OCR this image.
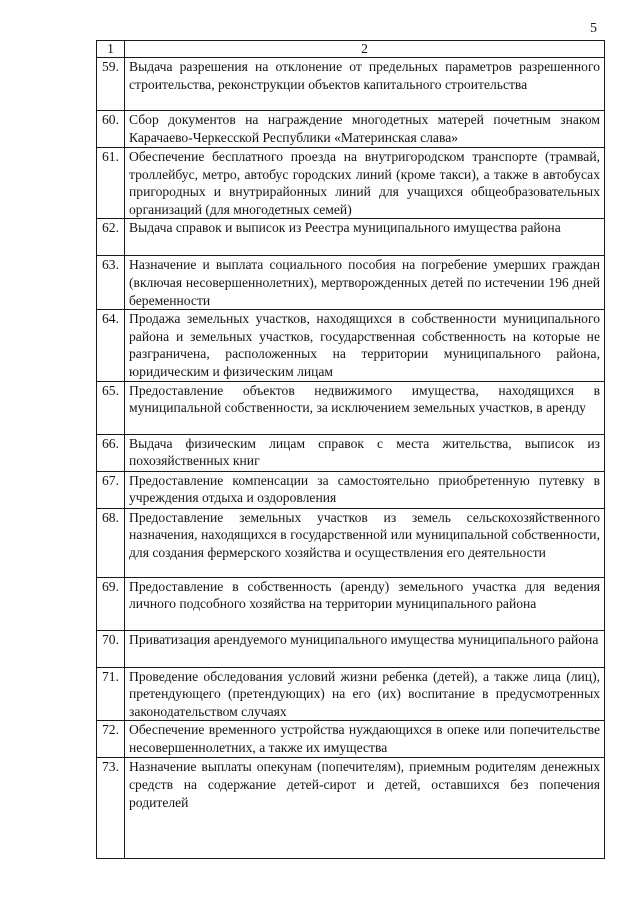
5
1	2
59.	Выдача разрешения на отклонение от предельных параметров разрешенного строительства, реконструкции объектов капитального строительства
60.	Сбор документов на награждение многодетных матерей почетным знаком Карачаево-Черкесской Республики «Материнская слава»
61.	Обеспечение бесплатного проезда на внутригородском транспорте (трамвай, троллейбус, метро, автобус городских линий (кроме такси), а также в автобусах пригородных и внутрирайонных линий для учащихся общеобразовательных организаций (для многодетных семей)
62.	Выдача справок и выписок из Реестра муниципального имущества района
63.	Назначение и выплата социального пособия на погребение умерших граждан (включая несовершеннолетних), мертворожденных детей по истечении 196 дней беременности
64.	Продажа земельных участков, находящихся в собственности муниципального района и земельных участков, государственная собственность на которые не разграничена, расположенных на территории муниципального района, юридическим и физическим лицам
65.	Предоставление объектов недвижимого имущества, находящихся в муниципальной собственности, за исключением земельных участков, в аренду
66.	Выдача физическим лицам справок с места жительства, выписок из похозяйственных книг
67.	Предоставление компенсации за самостоятельно приобретенную путевку в учреждения отдыха и оздоровления
68.	Предоставление земельных участков из земель сельскохозяйственного назначения, находящихся в государственной или муниципальной собственности, для создания фермерского хозяйства и осуществления его деятельности
69.	Предоставление в собственность (аренду) земельного участка для ведения личного подсобного хозяйства на территории муниципального района
70.	Приватизация арендуемого муниципального имущества муниципального района
71.	Проведение обследования условий жизни ребенка (детей), а также лица (лиц), претендующего (претендующих) на его (их) воспитание в предусмотренных законодательством случаях
72.	Обеспечение временного устройства нуждающихся в опеке или попечительстве несовершеннолетних, а также их имущества
73.	Назначение выплаты опекунам (попечителям), приемным родителям денежных средств на содержание детей-сирот и детей, оставшихся без попечения родителей
